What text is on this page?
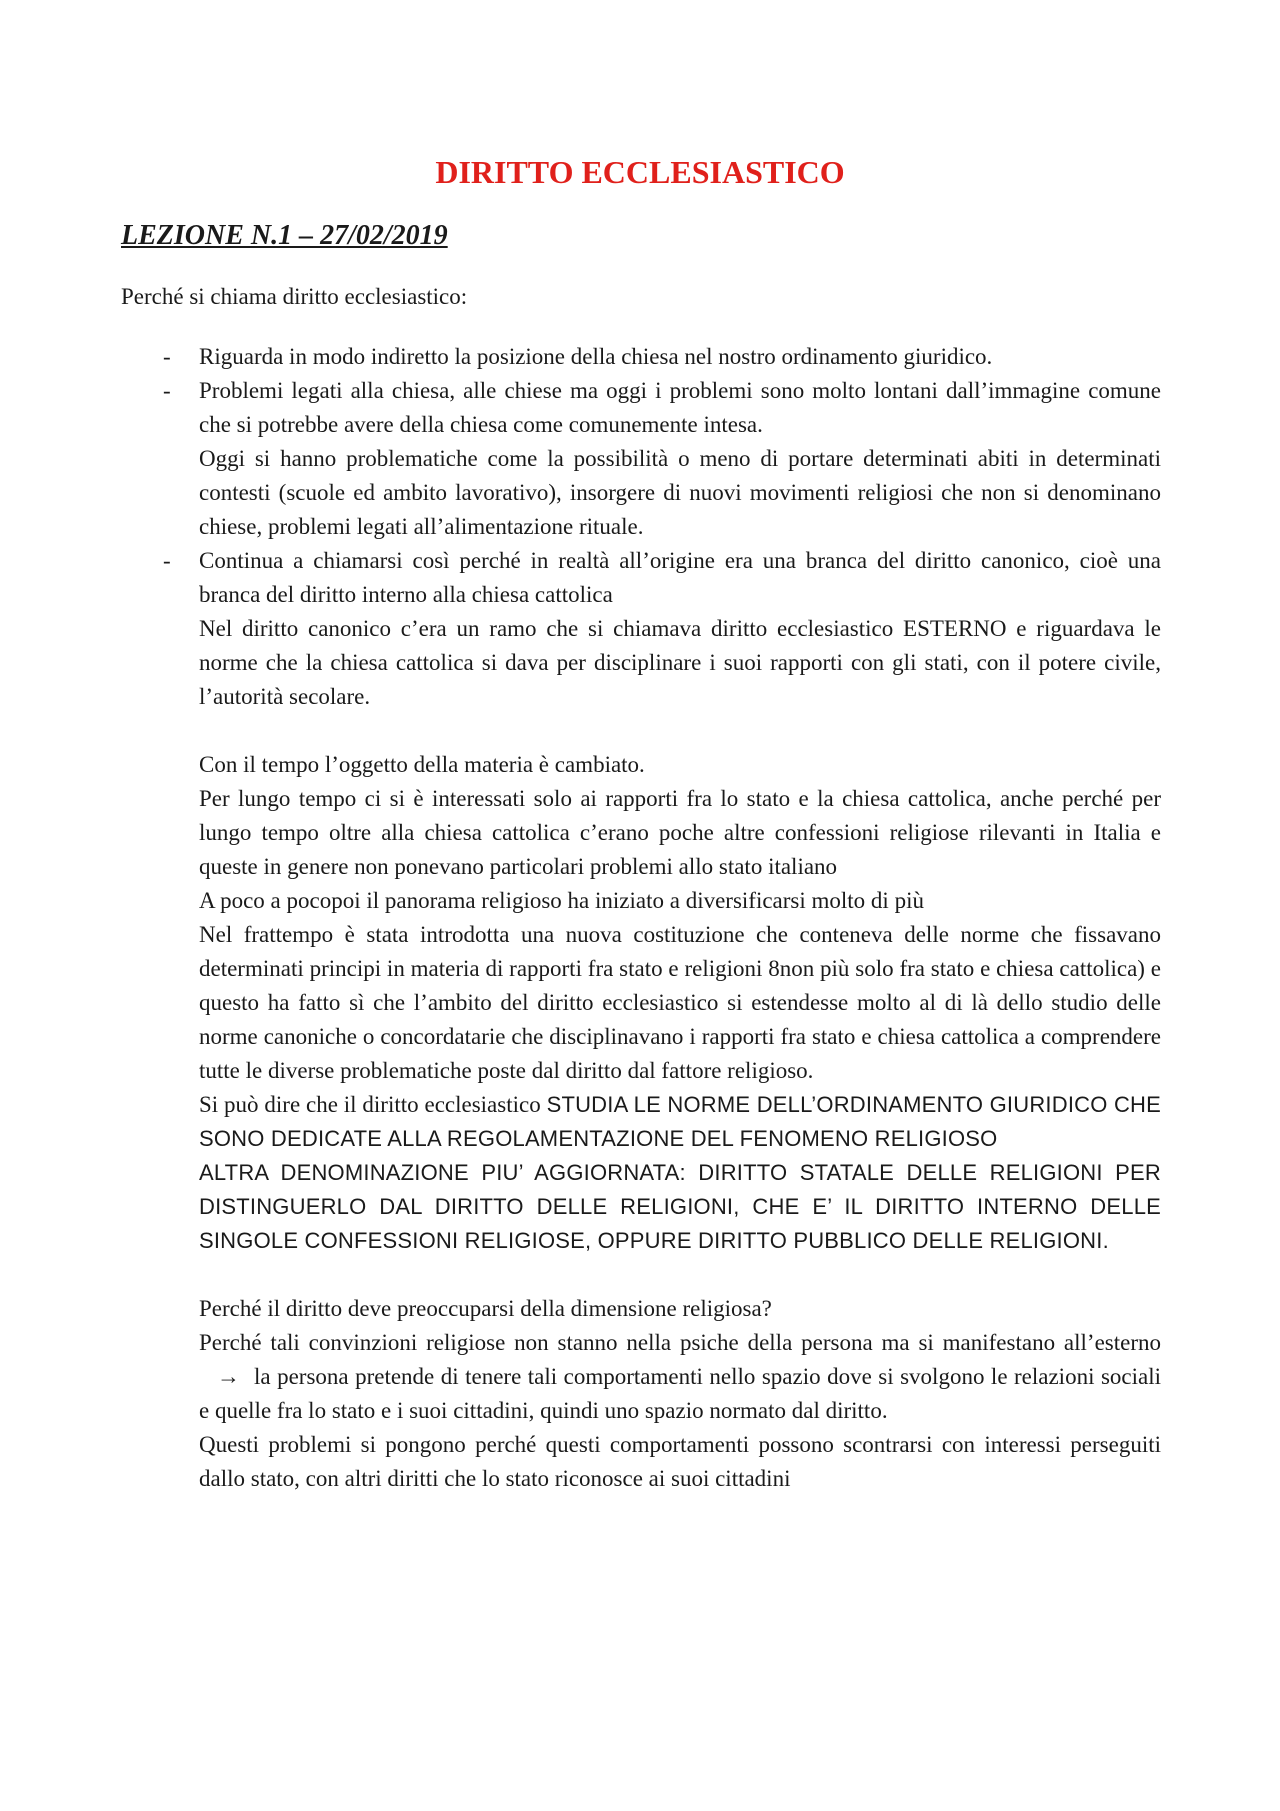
DIRITTO ECCLESIASTICO
LEZIONE N.1 – 27/02/2019
Perché si chiama diritto ecclesiastico:
- Riguarda in modo indiretto la posizione della chiesa nel nostro ordinamento giuridico.
- Problemi legati alla chiesa, alle chiese ma oggi i problemi sono molto lontani dall’immagine comune che si potrebbe avere della chiesa come comunemente intesa.
Oggi si hanno problematiche come la possibilità o meno di portare determinati abiti in determinati contesti (scuole ed ambito lavorativo), insorgere di nuovi movimenti religiosi che non si denominano chiese, problemi legati all’alimentazione rituale.
- Continua a chiamarsi così perché in realtà all’origine era una branca del diritto canonico, cioè una branca del diritto interno alla chiesa cattolica
Nel diritto canonico c’era un ramo che si chiamava diritto ecclesiastico ESTERNO e riguardava le norme che la chiesa cattolica si dava per disciplinare i suoi rapporti con gli stati, con il potere civile, l’autorità secolare.
Con il tempo l’oggetto della materia è cambiato.
Per lungo tempo ci si è interessati solo ai rapporti fra lo stato e la chiesa cattolica, anche perché per lungo tempo oltre alla chiesa cattolica c’erano poche altre confessioni religiose rilevanti in Italia e queste in genere non ponevano particolari problemi allo stato italiano
A poco a pocopoi il panorama religioso ha iniziato a diversificarsi molto di più
Nel frattempo è stata introdotta una nuova costituzione che conteneva delle norme che fissavano determinati principi in materia di rapporti fra stato e religioni 8non più solo fra stato e chiesa cattolica) e questo ha fatto sì che l’ambito del diritto ecclesiastico si estendesse molto al di là dello studio delle norme canoniche o concordatarie che disciplinavano i rapporti fra stato e chiesa cattolica a comprendere tutte le diverse problematiche poste dal diritto dal fattore religioso.
Si può dire che il diritto ecclesiastico STUDIA LE NORME DELL’ORDINAMENTO GIURIDICO CHE SONO DEDICATE ALLA REGOLAMENTAZIONE DEL FENOMENO RELIGIOSO
ALTRA DENOMINAZIONE PIU’ AGGIORNATA: DIRITTO STATALE DELLE RELIGIONI PER DISTINGUERLO DAL DIRITTO DELLE RELIGIONI, CHE E’ IL DIRITTO INTERNO DELLE SINGOLE CONFESSIONI RELIGIOSE, OPPURE DIRITTO PUBBLICO DELLE RELIGIONI.
Perché il diritto deve preoccuparsi della dimensione religiosa?
Perché tali convinzioni religiose non stanno nella psiche della persona ma si manifestano all’esterno→ la persona pretende di tenere tali comportamenti nello spazio dove si svolgono le relazioni sociali e quelle fra lo stato e i suoi cittadini, quindi uno spazio normato dal diritto.
Questi problemi si pongono perché questi comportamenti possono scontrarsi con interessi perseguiti dallo stato, con altri diritti che lo stato riconosce ai suoi cittadini
